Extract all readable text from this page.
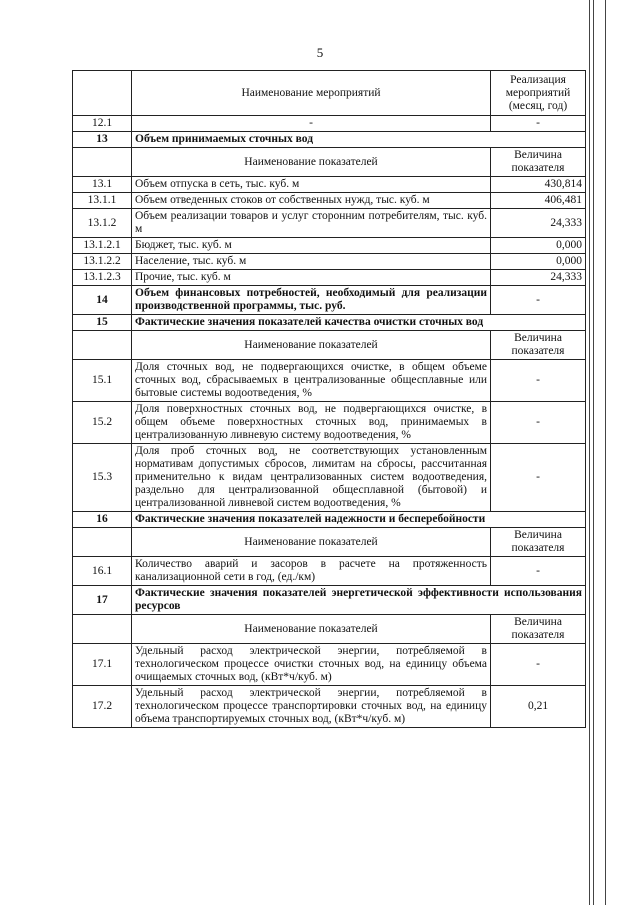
5
	Наименование мероприятий	Реализация мероприятий (месяц, год)
12.1	-	-
13	Объем принимаемых сточных вод	
	Наименование показателей	Величина показателя
13.1	Объем отпуска в сеть, тыс. куб. м	430,814
13.1.1	Объем отведенных стоков от собственных нужд, тыс. куб. м	406,481
13.1.2	Объем реализации товаров и услуг сторонним потребителям, тыс. куб. м	24,333
13.1.2.1	Бюджет, тыс. куб. м	0,000
13.1.2.2	Население, тыс. куб. м	0,000
13.1.2.3	Прочие, тыс. куб. м	24,333
14	Объем финансовых потребностей, необходимый для реализации производственной программы, тыс. руб.	-
15	Фактические значения показателей качества очистки сточных вод	
	Наименование показателей	Величина показателя
15.1	Доля сточных вод, не подвергающихся очистке, в общем объеме сточных вод, сбрасываемых в централизованные общесплавные или бытовые системы водоотведения, %	-
15.2	Доля поверхностных сточных вод, не подвергающихся очистке, в общем объеме поверхностных сточных вод, принимаемых в централизованную ливневую систему водоотведения, %	-
15.3	Доля проб сточных вод, не соответствующих установленным нормативам допустимых сбросов, лимитам на сбросы, рассчитанная применительно к видам централизованных систем водоотведения, раздельно для централизованной общесплавной (бытовой) и централизованной ливневой систем водоотведения, %	-
16	Фактические значения показателей надежности и бесперебойности	
	Наименование показателей	Величина показателя
16.1	Количество аварий и засоров в расчете на протяженность канализационной сети в год, (ед./км)	-
17	Фактические значения показателей энергетической эффективности использования ресурсов	
	Наименование показателей	Величина показателя
17.1	Удельный расход электрической энергии, потребляемой в технологическом процессе очистки сточных вод, на единицу объема очищаемых сточных вод, (кВт*ч/куб. м)	-
17.2	Удельный расход электрической энергии, потребляемой в технологическом процессе транспортировки сточных вод, на единицу объема транспортируемых сточных вод, (кВт*ч/куб. м)	0,21
